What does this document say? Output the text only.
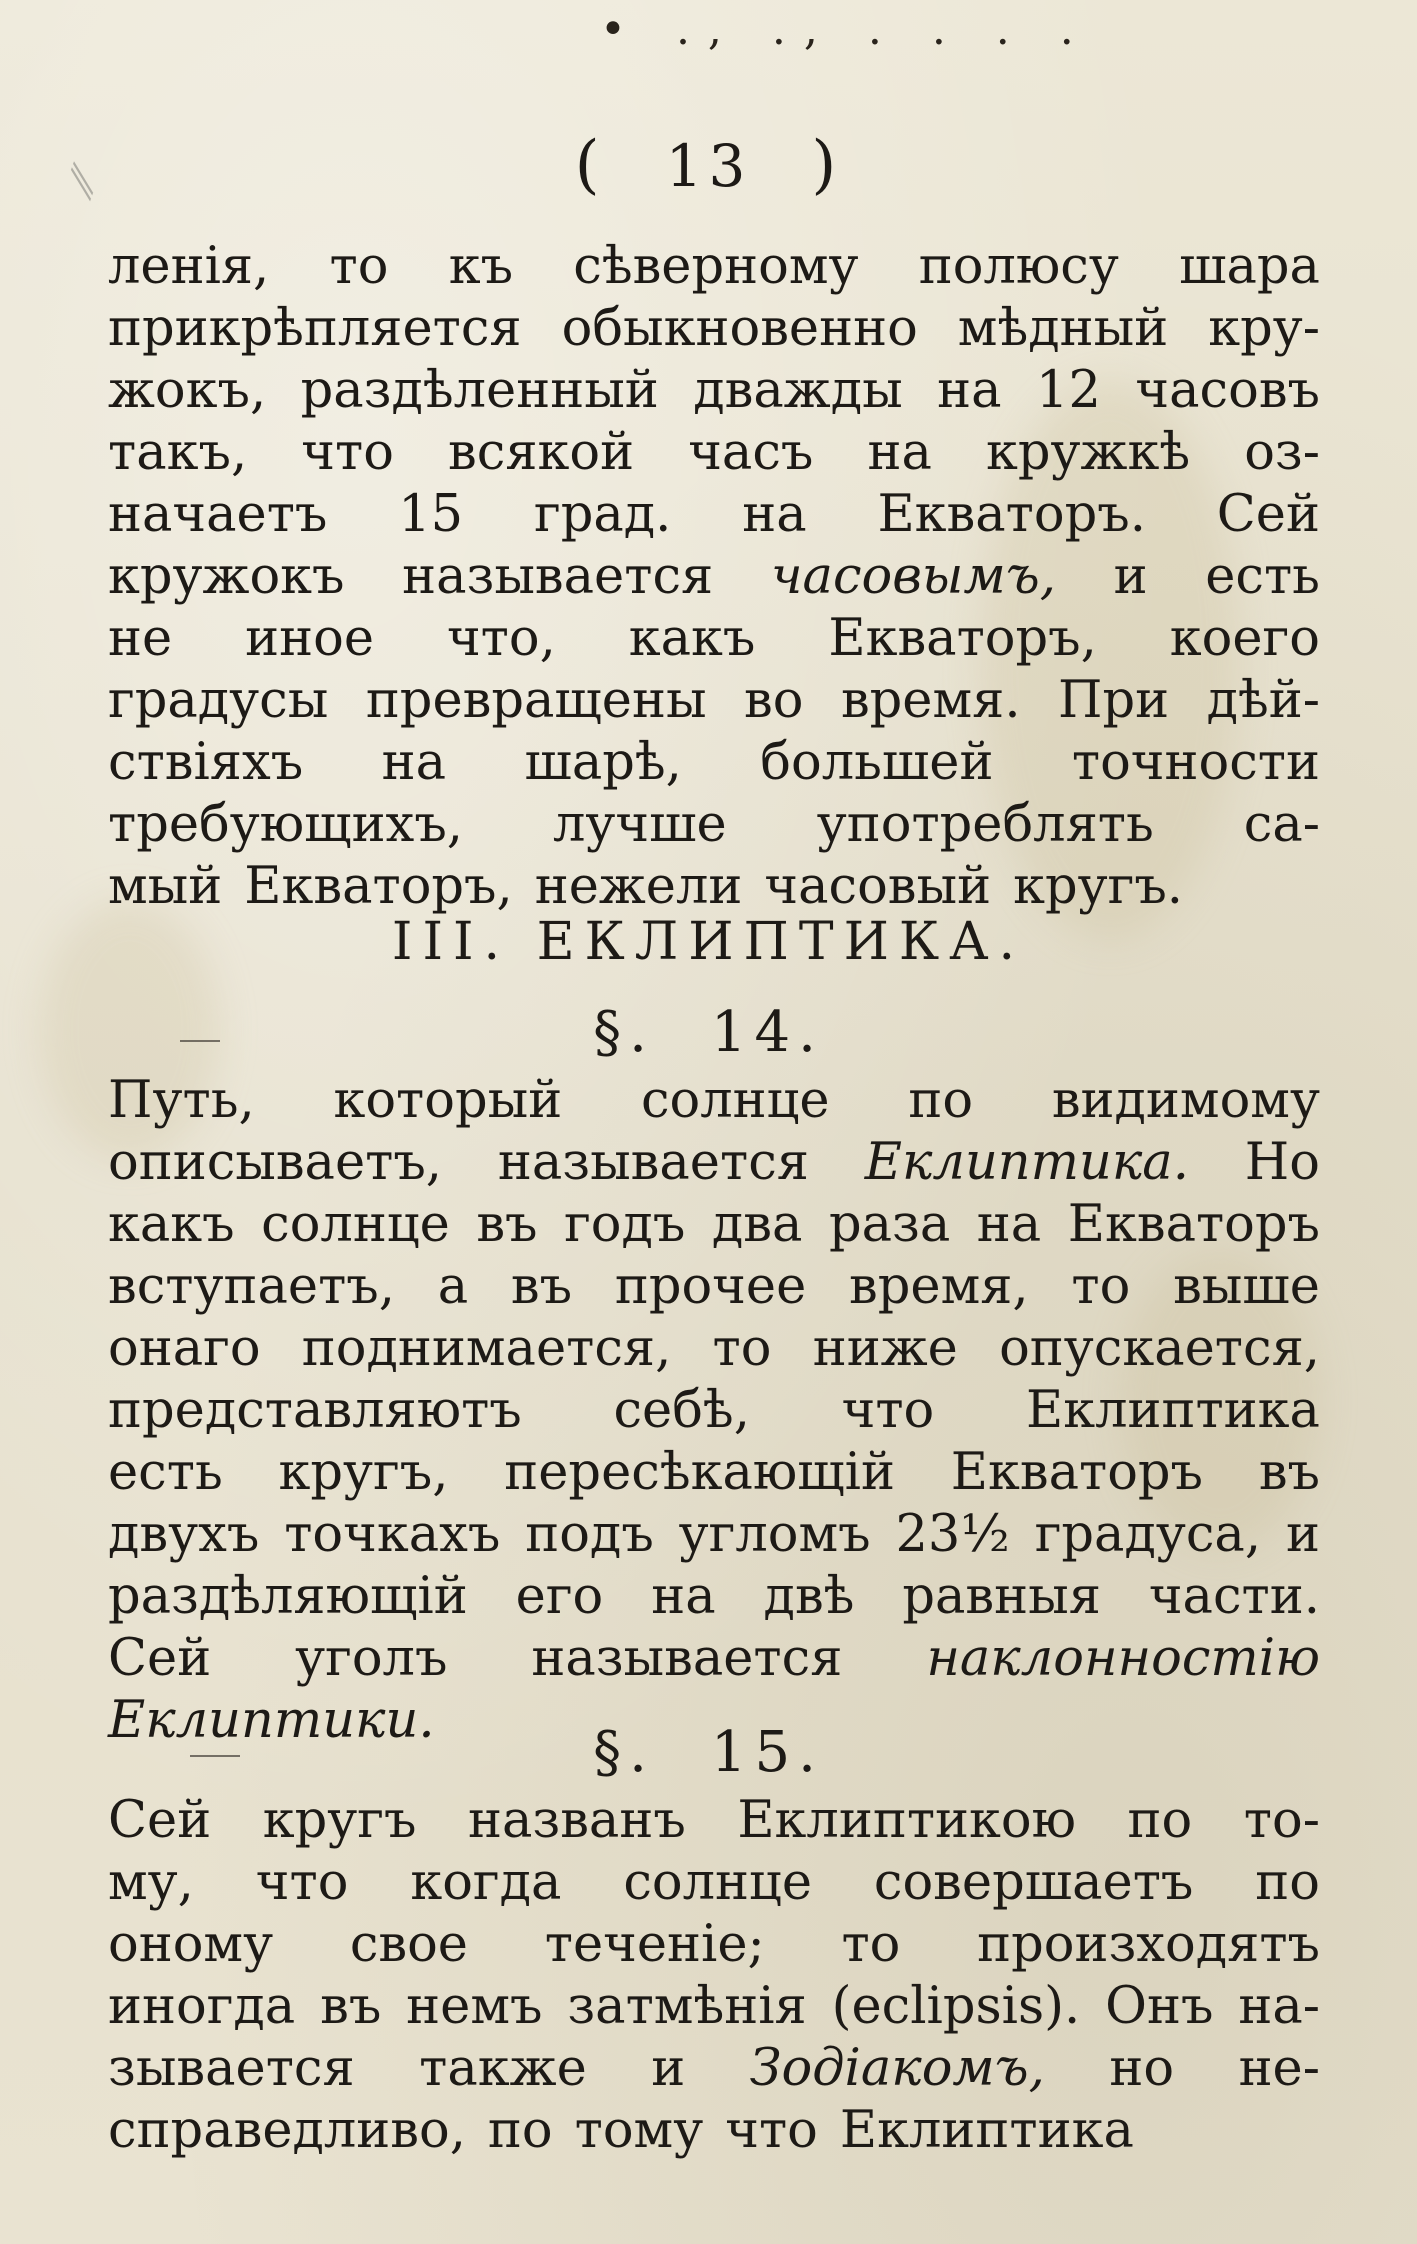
⁄⁄
• ., ., . . . .
( 13 )
ленiя, то къ сѣверному полюсу шара
прикрѣпляется обыкновенно мѣдный кру-
жокъ, раздѣленный дважды на 12 часовъ
такъ, что всякой часъ на кружкѣ оз-
начаетъ 15 град. на Екваторъ. Сей
кружокъ называется часовымъ, и есть
не иное что, какъ Екваторъ, коего
градусы превращены во время. При дѣй-
ствiяхъ на шарѣ, большей точности
требующихъ, лучше употреблять са-
мый Екваторъ, нежели часовый кругъ.
III. ЕКЛИПТИКА.
§. 14.
Путь, который солнце по видимому
описываетъ, называется Еклиптика. Но
какъ солнце въ годъ два раза на Екваторъ
вступаетъ, а въ прочее время, то выше
онаго поднимается, то ниже опускается,
представляютъ себѣ, что Еклиптика
есть кругъ, пересѣкающiй Екваторъ въ
двухъ точкахъ подъ угломъ 23½ градуса, и
раздѣляющiй его на двѣ равныя части.
Сей уголъ называется наклонностiю
Еклиптики.	§. 15.
Сей кругъ названъ Еклиптикою по то-
му, что когда солнце совершаетъ по
оному свое теченiе; то произходятъ
иногда въ немъ затмѣнiя (eclipsis). Онъ на-
зывается также и Зодiакомъ, но не-
справедливо, по тому что Еклиптика
